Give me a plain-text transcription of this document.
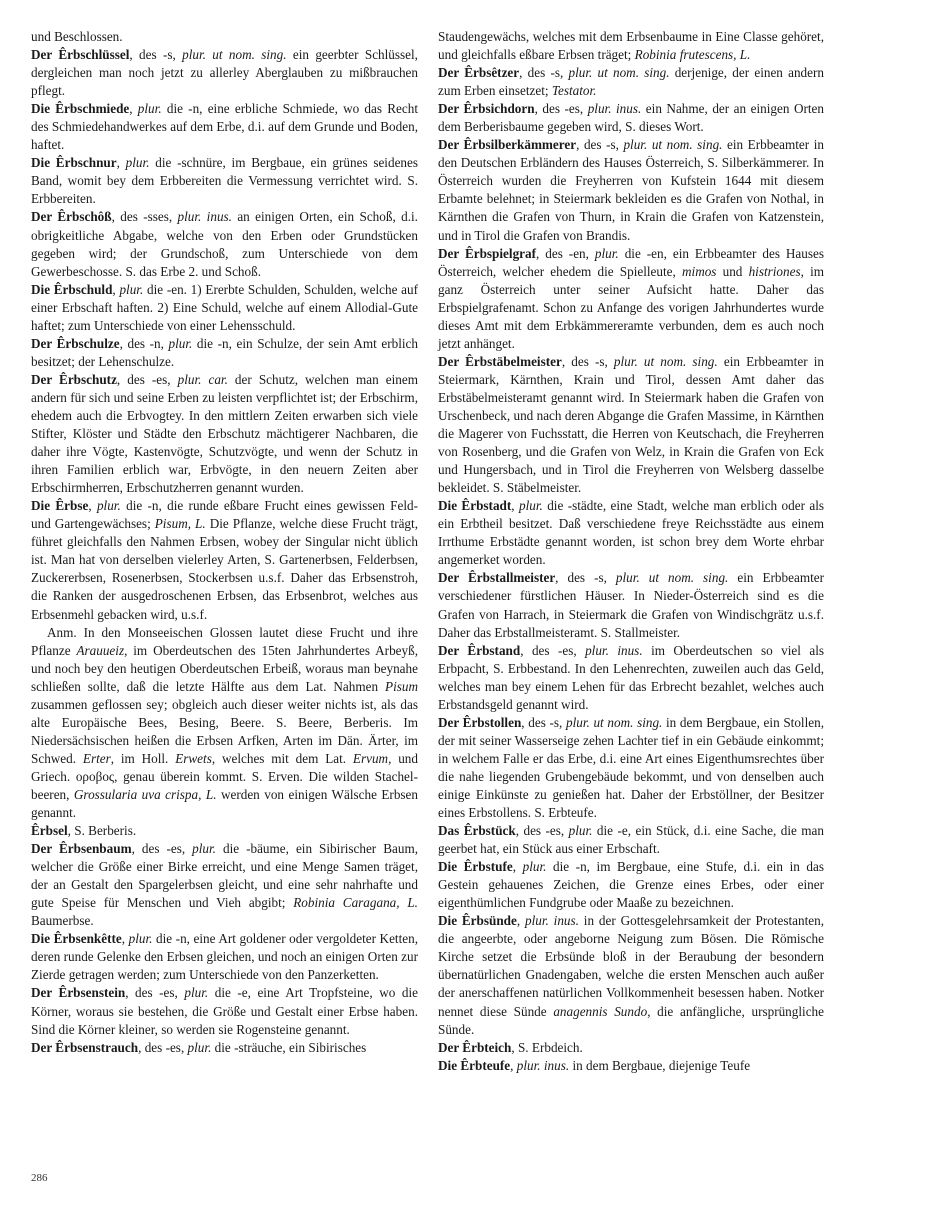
und Beschlossen.

Der Êrbschlüssel, des -s, plur. ut nom. sing. ein geerbter Schlüssel, dergleichen man noch jetzt zu allerley Aberglauben zu mißbrauchen pflegt.

Die Êrbschmiede, plur. die -n, eine erbliche Schmiede, wo das Recht des Schmiedehandwerkes auf dem Erbe, d.i. auf dem Grunde und Boden, haftet.

Die Êrbschnur, plur. die -schnüre, im Bergbaue, ein grünes seidenes Band, womit bey dem Erbbereiten die Vermessung verrichtet wird. S. Erbbereiten.

Der Êrbschôß, des -sses, plur. inus. an einigen Orten, ein Schoß, d.i. obrigkeitliche Abgabe, welche von den Erben oder Grundstücken gegeben wird; der Grundschoß, zum Unterschiede von dem Gewerbeschosse. S. das Erbe 2. und Schoß.

Die Êrbschuld, plur. die -en. 1) Ererbte Schulden, Schulden, welche auf einer Erbschaft haften. 2) Eine Schuld, welche auf einem Allodial-Gute haftet; zum Unterschiede von einer Lehensschuld.

Der Êrbschulze, des -n, plur. die -n, ein Schulze, der sein Amt erblich besitzet; der Lehenschulze.

Der Êrbschutz, des -es, plur. car. der Schutz, welchen man einem andern für sich und seine Erben zu leisten verpflichtet ist; der Erbschirm, ehedem auch die Erbvogtey. In den mittlern Zeiten erwarben sich viele Stifter, Klöster und Städte den Erbschutz mächtigerer Nachbaren, die daher ihre Vögte, Kastenvögte, Schutzvögte, und wenn der Schutz in ihren Familien erblich war, Erbvögte, in den neuern Zeiten aber Erbschirmherren, Erbschutzherren genannt wurden.

Die Êrbse, plur. die -n, die runde eßbare Frucht eines gewissen Feld- und Gartengewächses; Pisum, L. Die Pflanze, welche diese Frucht trägt, führet gleichfalls den Nahmen Erbsen, wobey der Singular nicht üblich ist. Man hat von derselben vielerley Arten, S. Gartenerbsen, Felderbsen, Zuckererbsen, Rosenerbsen, Stockerbsen u.s.f. Daher das Erbsenstroh, die Ranken der ausgedroschenen Erbsen, das Erbsenbrot, welches aus Erbsenmehl gebacken wird, u.s.f.

Anm. In den Monseeischen Glossen lautet diese Frucht und ihre Pflanze Arauueiz, im Oberdeutschen des 15ten Jahrhundertes Arbeyß, und noch bey den heutigen Oberdeutschen Erbeiß, woraus man beynahe schließen sollte, daß die letzte Hälfte aus dem Lat. Nahmen Pisum zusammen geflossen sey; obgleich auch dieser weiter nichts ist, als das alte Europäische Bees, Besing, Beere. S. Beere, Berberis. Im Niedersächsischen heißen die Erbsen Arfken, Arten im Dän. Ärter, im Schwed. Erter, im Holl. Erwets, welches mit dem Lat. Ervum, und Griech. οροβος, genau überein kommt. S. Erven. Die wilden Stachelbeeren, Grossularia uva crispa, L. werden von einigen Wälsche Erbsen genannt.

Êrbsel, S. Berberis.

Der Êrbsenbaum, des -es, plur. die -bäume, ein Sibirischer Baum, welcher die Größe einer Birke erreicht, und eine Menge Samen träget, der an Gestalt den Spargelerbsen gleicht, und eine sehr nahrhafte und gute Speise für Menschen und Vieh abgibt; Robinia Caragana, L. Baumerbse.

Die Êrbsenkêtte, plur. die -n, eine Art goldener oder vergoldeter Ketten, deren runde Gelenke den Erbsen gleichen, und noch an einigen Orten zur Zierde getragen werden; zum Unterschiede von den Panzerketten.

Der Êrbsenstein, des -es, plur. die -e, eine Art Tropfsteine, wo die Körner, woraus sie bestehen, die Größe und Gestalt einer Erbse haben. Sind die Körner kleiner, so werden sie Rogensteine genannt.

Der Êrbsenstrauch, des -es, plur. die -sträuche, ein Sibirisches

Staudengewächs, welches mit dem Erbsenbaume in Eine Classe gehöret, und gleichfalls eßbare Erbsen träget; Robinia frutescens, L.

Der Êrbsêtzer, des -s, plur. ut nom. sing. derjenige, der einen andern zum Erben einsetzet; Testator.

Der Êrbsichdorn, des -es, plur. inus. ein Nahme, der an einigen Orten dem Berberisbaume gegeben wird, S. dieses Wort.

Der Êrbsilberkämmerer, des -s, plur. ut nom. sing. ein Erbbeamter in den Deutschen Erbländern des Hauses Österreich, S. Silberkämmerer. In Österreich wurden die Freyherren von Kufstein 1644 mit diesem Erbamte belehnet; in Steiermark bekleiden es die Grafen von Nothal, in Kärnthen die Grafen von Thurn, in Krain die Grafen von Katzenstein, und in Tirol die Grafen von Brandis.

Der Êrbspielgraf, des -en, plur. die -en, ein Erbbeamter des Hauses Österreich, welcher ehedem die Spielleute, mimos und histriones, im ganz Österreich unter seiner Aufsicht hatte. Daher das Erbspielgrafenamt. Schon zu Anfange des vorigen Jahrhundertes wurde dieses Amt mit dem Erbkämmereramte verbunden, dem es auch noch jetzt anhänget.

Der Êrbstäbelmeister, des -s, plur. ut nom. sing. ein Erbbeamter in Steiermark, Kärnthen, Krain und Tirol, dessen Amt daher das Erbstäbelmeisteramt genannt wird. In Steiermark haben die Grafen von Urschenbeck, und nach deren Abgange die Grafen Massime, in Kärnthen die Magerer von Fuchsstatt, die Herren von Keutschach, die Freyherren von Rosenberg, und die Grafen von Welz, in Krain die Grafen von Eck und Hungersbach, und in Tirol die Freyherren von Welsberg dasselbe bekleidet. S. Stäbelmeister.

Die Êrbstadt, plur. die -städte, eine Stadt, welche man erblich oder als ein Erbtheil besitzet. Daß verschiedene freye Reichsstädte aus einem Irrthume Erbstädte genannt worden, ist schon brey dem Worte ehrbar angemerket worden.

Der Êrbstallmeister, des -s, plur. ut nom. sing. ein Erbbeamter verschiedener fürstlichen Häuser. In Nieder-Österreich sind es die Grafen von Harrach, in Steiermark die Grafen von Windischgrätz u.s.f. Daher das Erbstallmeisteramt. S. Stallmeister.

Der Êrbstand, des -es, plur. inus. im Oberdeutschen so viel als Erbpacht, S. Erbbestand. In den Lehenrechten, zuweilen auch das Geld, welches man bey einem Lehen für das Erbrecht bezahlet, welches auch Erbstandsgeld genannt wird.

Der Êrbstollen, des -s, plur. ut nom. sing. in dem Bergbaue, ein Stollen, der mit seiner Wasserseige zehen Lachter tief in ein Gebäude einkommt; in welchem Falle er das Erbe, d.i. eine Art eines Eigenthumsrechtes über die nahe liegenden Grubengebäude bekommt, und von denselben auch einige Einkünste zu genießen hat. Daher der Erbstöllner, der Besitzer eines Erbstollens. S. Erbteufe.

Das Êrbstück, des -es, plur. die -e, ein Stück, d.i. eine Sache, die man geerbet hat, ein Stück aus einer Erbschaft.

Die Êrbstufe, plur. die -n, im Bergbaue, eine Stufe, d.i. ein in das Gestein gehauenes Zeichen, die Grenze eines Erbes, oder einer eigenthümlichen Fundgrube oder Maaße zu bezeichnen.

Die Êrbsünde, plur. inus. in der Gottesgelehrsamkeit der Protestanten, die angeerbte, oder angeborne Neigung zum Bösen. Die Römische Kirche setzet die Erbsünde bloß in der Beraubung der besondern übernatürlichen Gnadengaben, welche die ersten Menschen auch außer der anerschaffenen natürlichen Vollkommenheit besessen haben. Notker nennet diese Sünde anagennis Sundo, die anfängliche, ursprüngliche Sünde.

Der Êrbteich, S. Erbdeich.

Die Êrbteufe, plur. inus. in dem Bergbaue, diejenige Teufe

286
